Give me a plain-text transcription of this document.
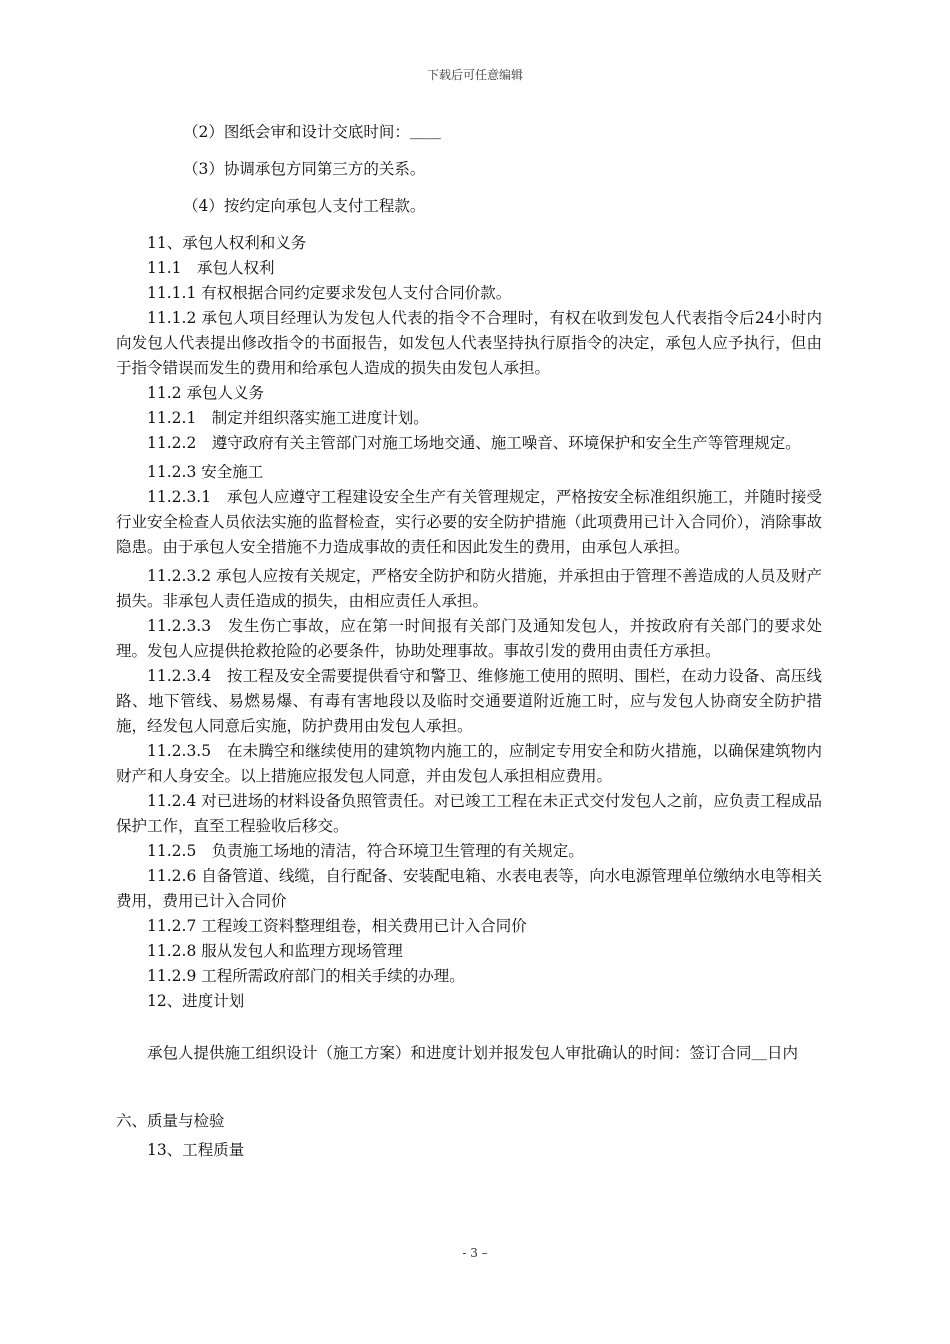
下载后可任意编辑
（2）图纸会审和设计交底时间：＿＿
（3）协调承包方同第三方的关系。
（4）按约定向承包人支付工程款。

11、承包人权利和义务

11.1　承包人权利

11.1.1 有权根据合同约定要求发包人支付合同价款。

11.1.2 承包人项目经理认为发包人代表的指令不合理时，有权在收到发包人代表指令后24小时内向发包人代表提出修改指令的书面报告，如发包人代表坚持执行原指令的决定，承包人应予执行，但由于指令错误而发生的费用和给承包人造成的损失由发包人承担。

11.2 承包人义务

11.2.1　制定并组织落实施工进度计划。

11.2.2　遵守政府有关主管部门对施工场地交通、施工噪音、环境保护和安全生产等管理规定。

11.2.3 安全施工

11.2.3.1　承包人应遵守工程建设安全生产有关管理规定，严格按安全标准组织施工，并随时接受行业安全检查人员依法实施的监督检查，实行必要的安全防护措施（此项费用已计入合同价），消除事故隐患。由于承包人安全措施不力造成事故的责任和因此发生的费用，由承包人承担。

11.2.3.2 承包人应按有关规定，严格安全防护和防火措施，并承担由于管理不善造成的人员及财产损失。非承包人责任造成的损失，由相应责任人承担。

11.2.3.3　发生伤亡事故，应在第一时间报有关部门及通知发包人，并按政府有关部门的要求处理。发包人应提供抢救抢险的必要条件，协助处理事故。事故引发的费用由责任方承担。

11.2.3.4　按工程及安全需要提供看守和警卫、维修施工使用的照明、围栏，在动力设备、高压线路、地下管线、易燃易爆、有毒有害地段以及临时交通要道附近施工时，应与发包人协商安全防护措施，经发包人同意后实施，防护费用由发包人承担。

11.2.3.5　在未腾空和继续使用的建筑物内施工的，应制定专用安全和防火措施，以确保建筑物内财产和人身安全。以上措施应报发包人同意，并由发包人承担相应费用。

11.2.4 对已进场的材料设备负照管责任。对已竣工工程在未正式交付发包人之前，应负责工程成品保护工作，直至工程验收后移交。

11.2.5　负责施工场地的清洁，符合环境卫生管理的有关规定。

11.2.6 自备管道、线缆，自行配备、安装配电箱、水表电表等，向水电源管理单位缴纳水电等相关费用，费用已计入合同价

11.2.7 工程竣工资料整理组卷，相关费用已计入合同价

11.2.8 服从发包人和监理方现场管理

11.2.9 工程所需政府部门的相关手续的办理。

12、进度计划

承包人提供施工组织设计（施工方案）和进度计划并报发包人审批确认的时间：签订合同＿日内

六、质量与检验

13、工程质量

- 3 –
